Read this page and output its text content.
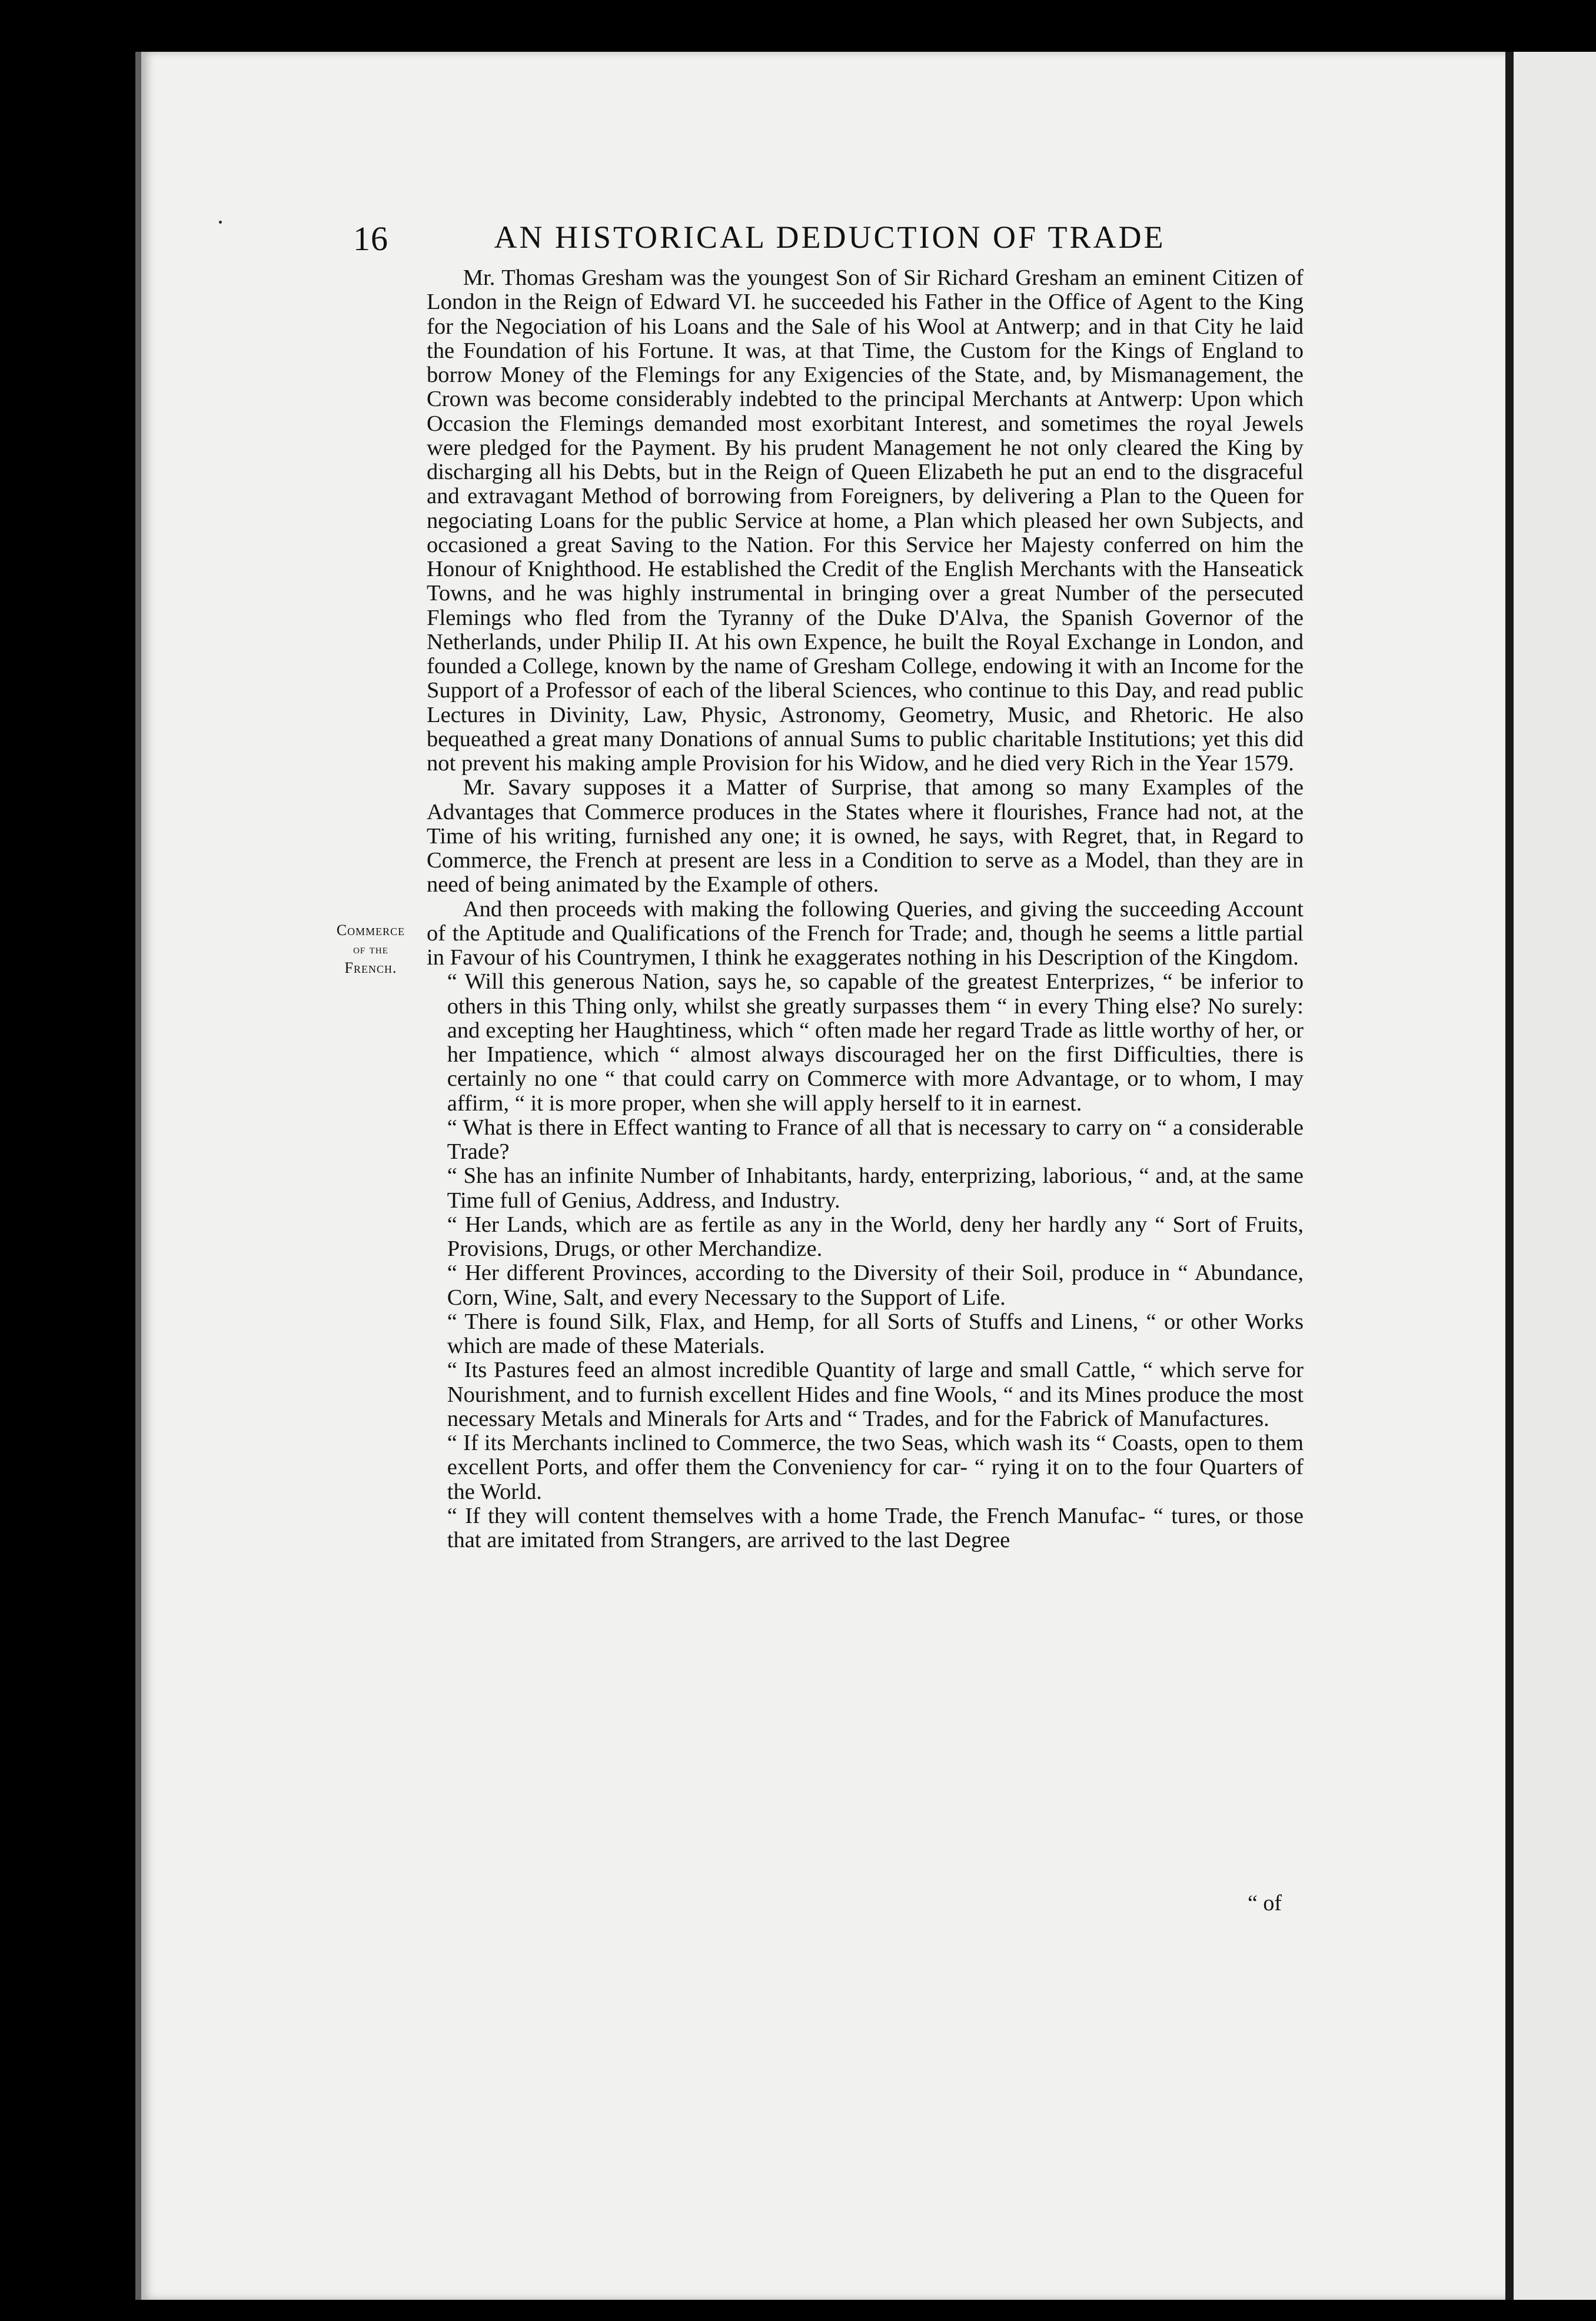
16	AN HISTORICAL DEDUCTION OF TRADE
Commerce
of the
French.

Mr. Thomas Gresham was the youngest Son of Sir Richard Gresham an eminent Citizen of London in the Reign of Edward VI. he succeeded his Father in the Office of Agent to the King for the Negociation of his Loans and the Sale of his Wool at Antwerp; and in that City he laid the Foundation of his Fortune. It was, at that Time, the Custom for the Kings of England to borrow Money of the Flemings for any Exigencies of the State, and, by Mismanagement, the Crown was become considerably indebted to the principal Merchants at Antwerp: Upon which Occasion the Flemings demanded most exorbitant Interest, and sometimes the royal Jewels were pledged for the Payment. By his prudent Management he not only cleared the King by discharging all his Debts, but in the Reign of Queen Elizabeth he put an end to the disgraceful and extravagant Method of borrowing from Foreigners, by delivering a Plan to the Queen for negociating Loans for the public Service at home, a Plan which pleased her own Subjects, and occasioned a great Saving to the Nation. For this Service her Majesty conferred on him the Honour of Knighthood. He established the Credit of the English Merchants with the Hanseatick Towns, and he was highly instrumental in bringing over a great Number of the persecuted Flemings who fled from the Tyranny of the Duke D'Alva, the Spanish Governor of the Netherlands, under Philip II. At his own Expence, he built the Royal Exchange in London, and founded a College, known by the name of Gresham College, endowing it with an Income for the Support of a Professor of each of the liberal Sciences, who continue to this Day, and read public Lectures in Divinity, Law, Physic, Astronomy, Geometry, Music, and Rhetoric. He also bequeathed a great many Donations of annual Sums to public charitable Institutions; yet this did not prevent his making ample Provision for his Widow, and he died very Rich in the Year 1579.

Mr. Savary supposes it a Matter of Surprise, that among so many Examples of the Advantages that Commerce produces in the States where it flourishes, France had not, at the Time of his writing, furnished any one; it is owned, he says, with Regret, that, in Regard to Commerce, the French at present are less in a Condition to serve as a Model, than they are in need of being animated by the Example of others.

And then proceeds with making the following Queries, and giving the succeeding Account of the Aptitude and Qualifications of the French for Trade; and, though he seems a little partial in Favour of his Countrymen, I think he exaggerates nothing in his Description of the Kingdom.

“ Will this generous Nation, says he, so capable of the greatest Enterprizes, “ be inferior to others in this Thing only, whilst she greatly surpasses them “ in every Thing else? No surely: and excepting her Haughtiness, which “ often made her regard Trade as little worthy of her, or her Impatience, which “ almost always discouraged her on the first Difficulties, there is certainly no one “ that could carry on Commerce with more Advantage, or to whom, I may affirm, “ it is more proper, when she will apply herself to it in earnest.

“ What is there in Effect wanting to France of all that is necessary to carry on “ a considerable Trade?

“ She has an infinite Number of Inhabitants, hardy, enterprizing, laborious, “ and, at the same Time full of Genius, Address, and Industry.

“ Her Lands, which are as fertile as any in the World, deny her hardly any “ Sort of Fruits, Provisions, Drugs, or other Merchandize.

“ Her different Provinces, according to the Diversity of their Soil, produce in “ Abundance, Corn, Wine, Salt, and every Necessary to the Support of Life.

“ There is found Silk, Flax, and Hemp, for all Sorts of Stuffs and Linens, “ or other Works which are made of these Materials.

“ Its Pastures feed an almost incredible Quantity of large and small Cattle, “ which serve for Nourishment, and to furnish excellent Hides and fine Wools, “ and its Mines produce the most necessary Metals and Minerals for Arts and “ Trades, and for the Fabrick of Manufactures.

“ If its Merchants inclined to Commerce, the two Seas, which wash its “ Coasts, open to them excellent Ports, and offer them the Conveniency for car- “ rying it on to the four Quarters of the World.

“ If they will content themselves with a home Trade, the French Manufac- “ tures, or those that are imitated from Strangers, are arrived to the last Degree

“ of
